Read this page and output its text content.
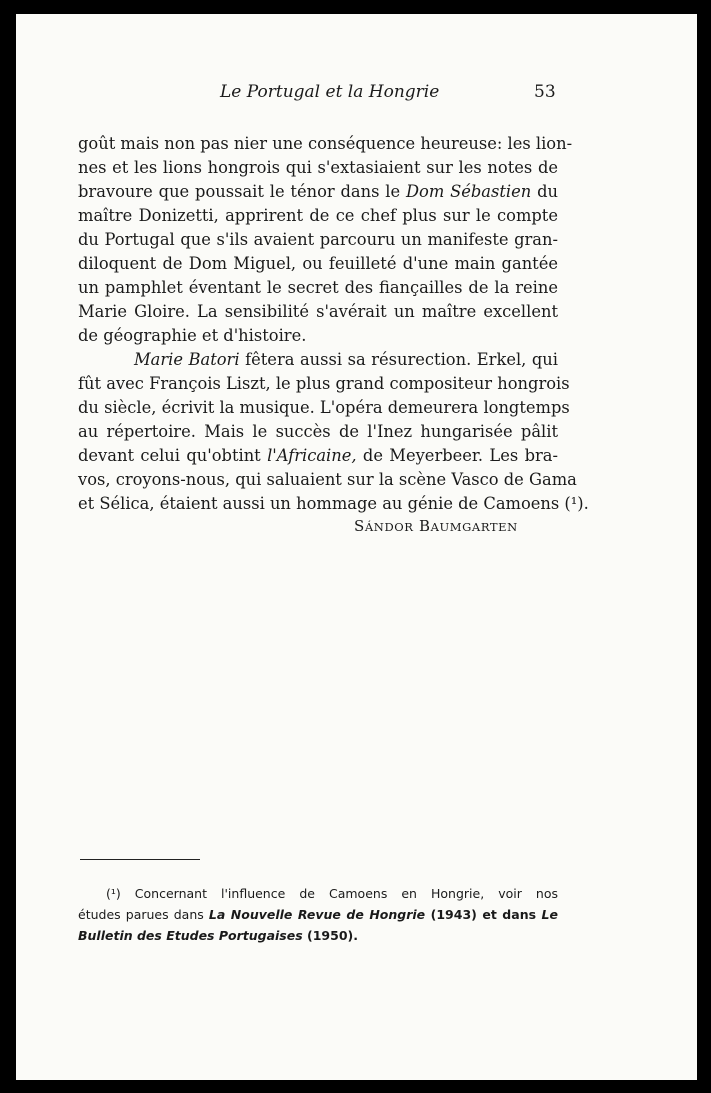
Le Portugal et la Hongrie	53
goût mais non pas nier une conséquence heureuse: les lion-
nes et les lions hongrois qui s'extasiaient sur les notes de
bravoure que poussait le ténor dans le Dom Sébastien du
maître Donizetti, apprirent de ce chef plus sur le compte
du Portugal que s'ils avaient parcouru un manifeste gran-
diloquent de Dom Miguel, ou feuilleté d'une main gantée
un pamphlet éventant le secret des fiançailles de la reine
Marie Gloire. La sensibilité s'avérait un maître excellent
de géographie et d'histoire.
Marie Batori fêtera aussi sa résurection. Erkel, qui
fût avec François Liszt, le plus grand compositeur hongrois
du siècle, écrivit la musique. L'opéra demeurera longtemps
au répertoire. Mais le succès de l'Inez hungarisée pâlit
devant celui qu'obtint l'Africaine, de Meyerbeer. Les bra-
vos, croyons-nous, qui saluaient sur la scène Vasco de Gama
et Sélica, étaient aussi un hommage au génie de Camoens (¹).
SÁNDOR BAUMGARTEN
(¹) Concernant l'influence de Camoens en Hongrie, voir nos
études parues dans La Nouvelle Revue de Hongrie (1943) et dans Le
Bulletin des Etudes Portugaises (1950).
